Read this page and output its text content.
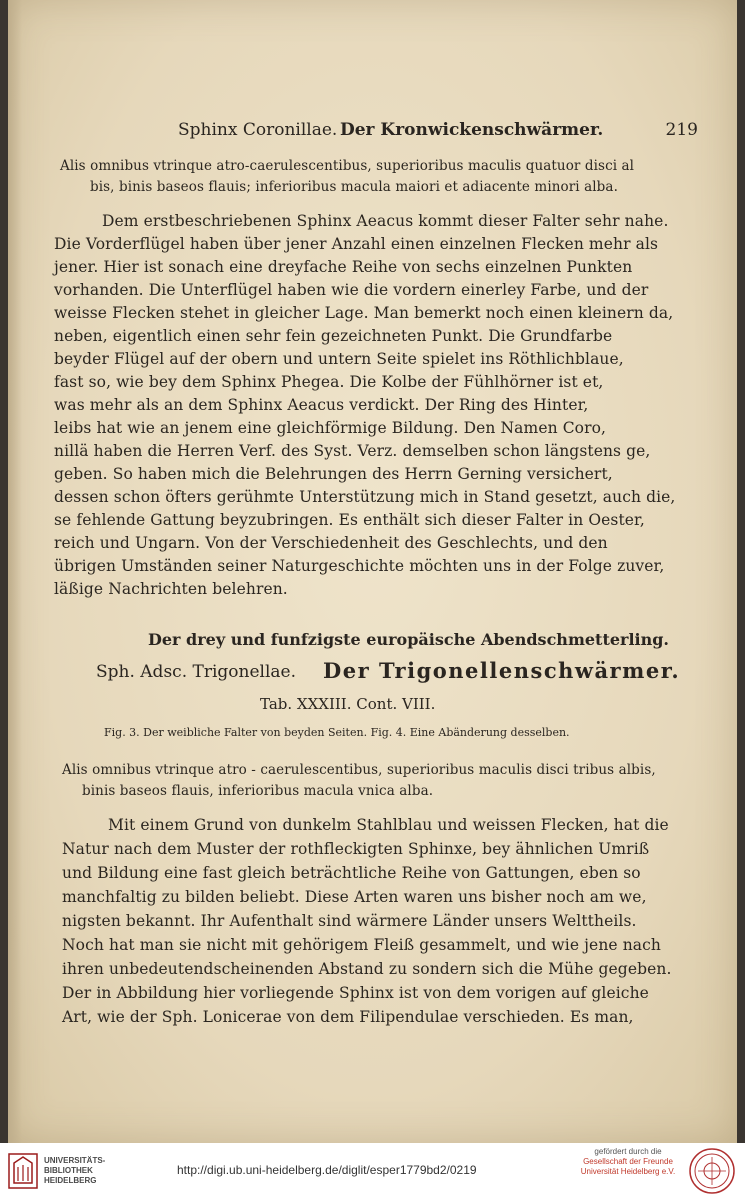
Sphinx Coronillae. Der Kronwickenschwärmer.	219
Alis omnibus vtrinque atro-caerulescentibus, superioribus maculis quatuor disci al
bis, binis baseos flauis; inferioribus macula maiori et adiacente minori alba.
Dem erstbeschriebenen Sphinx Aeacus kommt dieser Falter sehr nahe.
Die Vorderflügel haben über jener Anzahl einen einzelnen Flecken mehr als
jener. Hier ist sonach eine dreyfache Reihe von sechs einzelnen Punkten
vorhanden. Die Unterflügel haben wie die vordern einerley Farbe, und der
weisse Flecken stehet in gleicher Lage. Man bemerkt noch einen kleinern da,
neben, eigentlich einen sehr fein gezeichneten Punkt. Die Grundfarbe
beyder Flügel auf der obern und untern Seite spielet ins Röthlichblaue,
fast so, wie bey dem Sphinx Phegea. Die Kolbe der Fühlhörner ist et,
was mehr als an dem Sphinx Aeacus verdickt. Der Ring des Hinter,
leibs hat wie an jenem eine gleichförmige Bildung. Den Namen Coro,
nillä haben die Herren Verf. des Syst. Verz. demselben schon längstens ge,
geben. So haben mich die Belehrungen des Herrn Gerning versichert,
dessen schon öfters gerühmte Unterstützung mich in Stand gesetzt, auch die,
se fehlende Gattung beyzubringen. Es enthält sich dieser Falter in Oester,
reich und Ungarn. Von der Verschiedenheit des Geschlechts, und den
übrigen Umständen seiner Naturgeschichte möchten uns in der Folge zuver,
läßige Nachrichten belehren.
Der drey und funfzigste europäische Abendschmetterling.
Sph. Adsc. Trigonellae. Der Trigonellenschwärmer.
Tab. XXXIII. Cont. VIII.
Fig. 3. Der weibliche Falter von beyden Seiten. Fig. 4. Eine Abänderung desselben.
Alis omnibus vtrinque atro - caerulescentibus, superioribus maculis disci tribus albis,
binis baseos flauis, inferioribus macula vnica alba.
Mit einem Grund von dunkelm Stahlblau und weissen Flecken, hat die
Natur nach dem Muster der rothfleckigten Sphinxe, bey ähnlichen Umriß
und Bildung eine fast gleich beträchtliche Reihe von Gattungen, eben so
manchfaltig zu bilden beliebt. Diese Arten waren uns bisher noch am we,
nigsten bekannt. Ihr Aufenthalt sind wärmere Länder unsers Welttheils.
Noch hat man sie nicht mit gehörigem Fleiß gesammelt, und wie jene nach
ihren unbedeutendscheinenden Abstand zu sondern sich die Mühe gegeben.
Der in Abbildung hier vorliegende Sphinx ist von dem vorigen auf gleiche
Art, wie der Sph. Lonicerae von dem Filipendulae verschieden. Es man,
UNIVERSITÄTS-
BIBLIOTHEK
HEIDELBERG
http://digi.ub.uni-heidelberg.de/diglit/esper1779bd2/0219
gefördert durch die
Gesellschaft der Freunde
Universität Heidelberg e.V.
